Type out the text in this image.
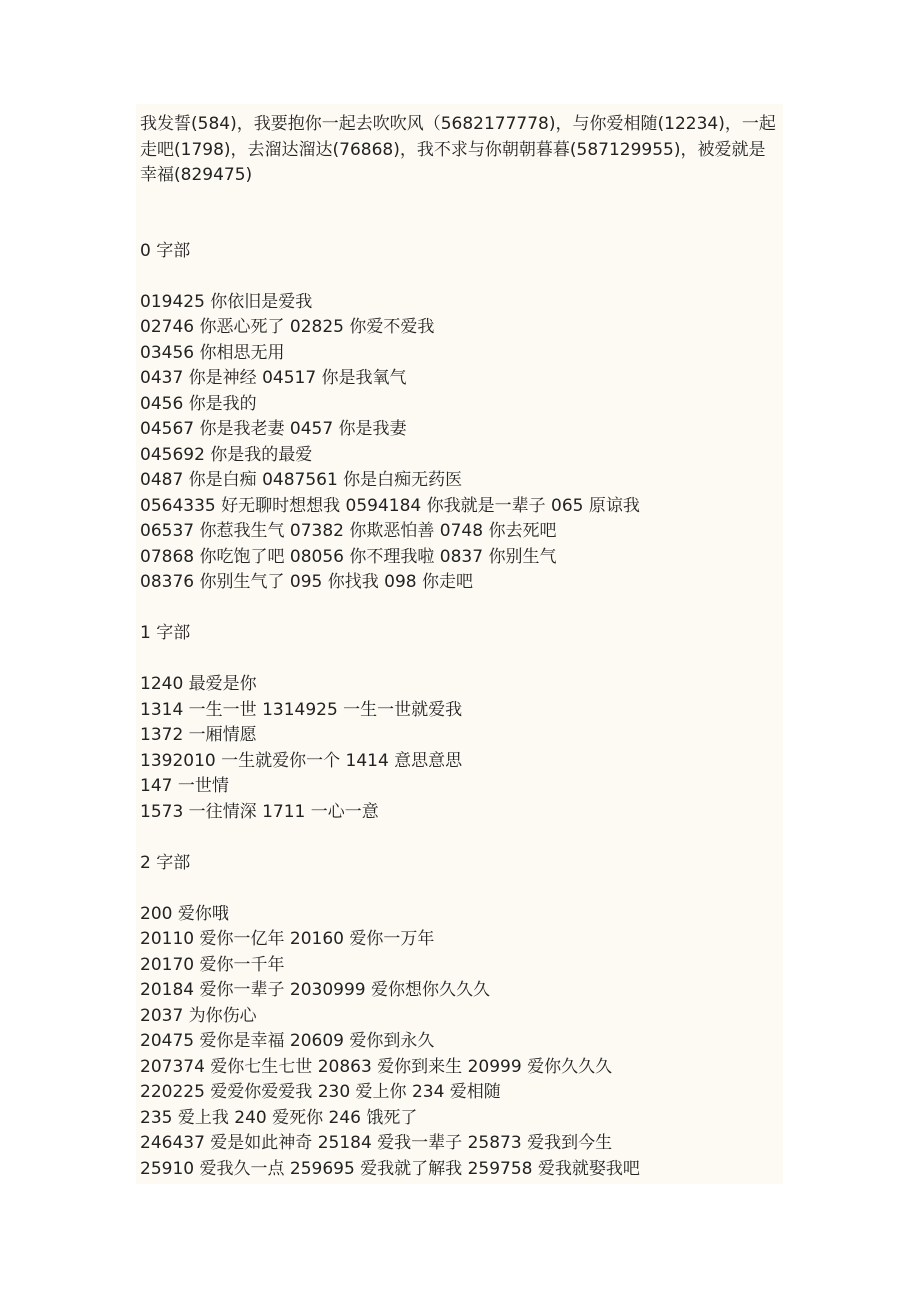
我发誓(584)，我要抱你一起去吹吹风（5682177778)，与你爱相随(12234)，一起走吧(1798)，去溜达溜达(76868)，我不求与你朝朝暮暮(587129955)，被爱就是幸福(829475)

0 字部

019425 你依旧是爱我
02746 你恶心死了 02825 你爱不爱我
03456 你相思无用
0437 你是神经 04517 你是我氧气
0456 你是我的
04567 你是我老妻 0457 你是我妻
045692 你是我的最爱
0487 你是白痴 0487561 你是白痴无药医
0564335 好无聊时想想我 0594184 你我就是一辈子 065 原谅我
06537 你惹我生气 07382 你欺恶怕善 0748 你去死吧
07868 你吃饱了吧 08056 你不理我啦 0837 你别生气
08376 你别生气了 095 你找我 098 你走吧

1 字部

1240 最爱是你
1314 一生一世 1314925 一生一世就爱我
1372 一厢情愿
1392010 一生就爱你一个 1414 意思意思
147 一世情
1573 一往情深 1711 一心一意

2 字部

200 爱你哦
20110 爱你一亿年 20160 爱你一万年
20170 爱你一千年
20184 爱你一辈子 2030999 爱你想你久久久
2037 为你伤心
20475 爱你是幸福 20609 爱你到永久
207374 爱你七生七世 20863 爱你到来生 20999 爱你久久久
220225 爱爱你爱爱我 230 爱上你 234 爱相随
235 爱上我 240 爱死你 246 饿死了
246437 爱是如此神奇 25184 爱我一辈子 25873 爱我到今生
25910 爱我久一点 259695 爱我就了解我 259758 爱我就娶我吧
